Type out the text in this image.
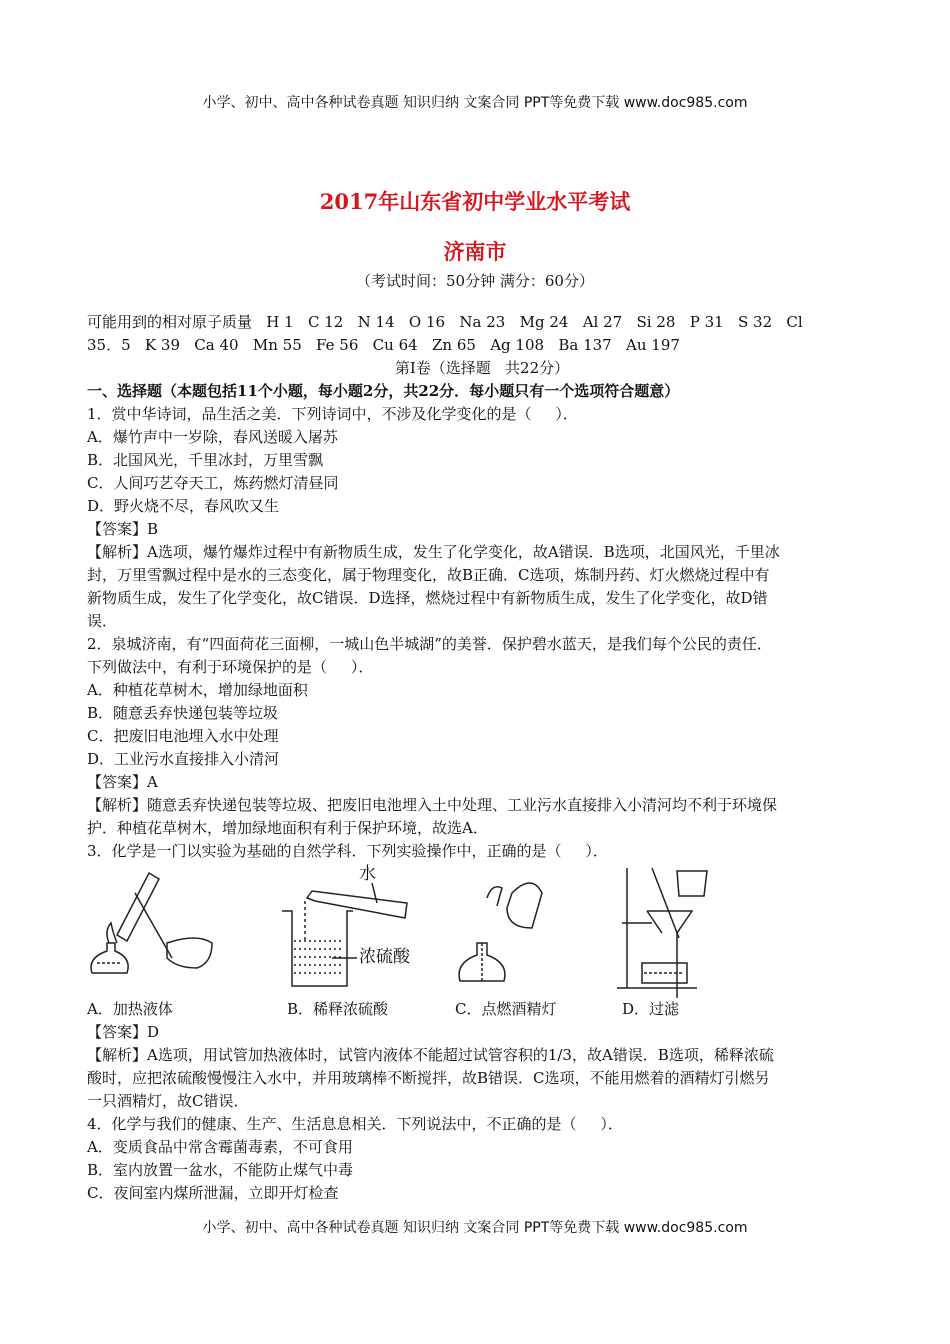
小学、初中、高中各种试卷真题 知识归纳 文案合同 PPT等免费下载 www.doc985.com
2017年山东省初中学业水平考试
济南市
（考试时间：50分钟 满分：60分）
可能用到的相对原子质量   H 1   C 12   N 14   O 16   Na 23   Mg 24   Al 27   Si 28   P 31   S 32   Cl
35．5   K 39   Ca 40   Mn 55   Fe 56   Cu 64   Zn 65   Ag 108   Ba 137   Au 197
第Ⅰ卷（选择题   共22分）
一、选择题（本题包括11个小题，每小题2分，共22分．每小题只有一个选项符合题意）
1．赏中华诗词，品生活之美．下列诗词中，不涉及化学变化的是（     ）．
A．爆竹声中一岁除，春风送暖入屠苏
B．北国风光，千里冰封，万里雪飘
C．人间巧艺夺天工，炼药燃灯清昼同
D．野火烧不尽，春风吹又生
【答案】B
【解析】A选项，爆竹爆炸过程中有新物质生成，发生了化学变化，故A错误．B选项，北国风光，千里冰
封，万里雪飘过程中是水的三态变化，属于物理变化，故B正确．C选项，炼制丹药、灯火燃烧过程中有
新物质生成，发生了化学变化，故C错误．D选择，燃烧过程中有新物质生成，发生了化学变化，故D错
误．
2．泉城济南，有“四面荷花三面柳，一城山色半城湖”的美誉．保护碧水蓝天，是我们每个公民的责任．
下列做法中，有利于环境保护的是（     ）．
A．种植花草树木，增加绿地面积
B．随意丢弃快递包装等垃圾
C．把废旧电池埋入水中处理
D．工业污水直接排入小清河
【答案】A
【解析】随意丢弃快递包装等垃圾、把废旧电池埋入土中处理、工业污水直接排入小清河均不利于环境保
护．种植花草树木，增加绿地面积有利于保护环境，故选A．
3．化学是一门以实验为基础的自然学科．下列实验操作中，正确的是（     ）．
水
浓硫酸
A．加热液体	B．稀释浓硫酸	C．点燃酒精灯	D．过滤
【答案】D
【解析】A选项，用试管加热液体时，试管内液体不能超过试管容积的1/3，故A错误．B选项，稀释浓硫
酸时，应把浓硫酸慢慢注入水中，并用玻璃棒不断搅拌，故B错误．C选项，不能用燃着的酒精灯引燃另
一只酒精灯，故C错误．
4．化学与我们的健康、生产、生活息息相关．下列说法中，不正确的是（     ）．
A．变质食品中常含霉菌毒素，不可食用
B．室内放置一盆水，不能防止煤气中毒
C．夜间室内煤所泄漏，立即开灯检查
小学、初中、高中各种试卷真题 知识归纳 文案合同 PPT等免费下载 www.doc985.com
